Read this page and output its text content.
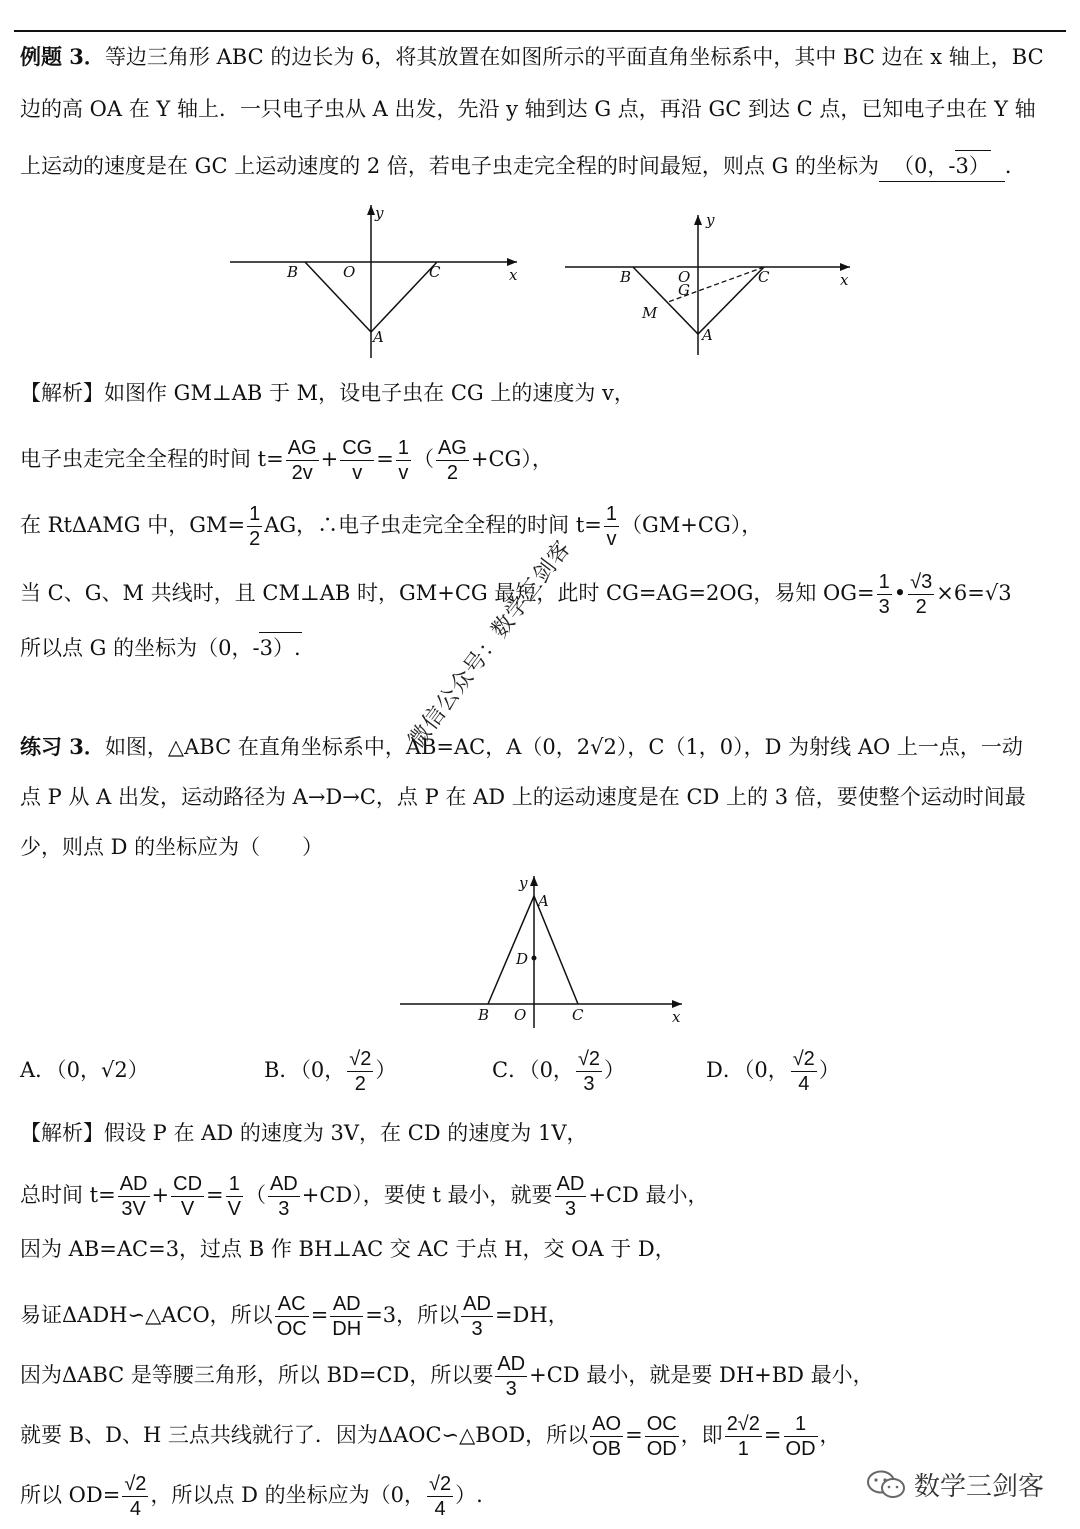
例题 3．等边三角形 ABC 的边长为 6，将其放置在如图所示的平面直角坐标系中，其中 BC 边在 x 轴上，BC
边的高 OA 在 Y 轴上．一只电子虫从 A 出发，先沿 y 轴到达 G 点，再沿 GC 到达 C 点，已知电子虫在 Y 轴
上运动的速度是在 GC 上运动速度的 2 倍，若电子虫走完全程的时间最短，则点 G 的坐标为 （0，-3） ．
y
x
B	O	C
A
y
x
B	O
G
C
M
A
【解析】如图作 GM⊥AB 于 M，设电子虫在 CG 上的速度为 v，
电子虫走完全全程的时间 $t= \frac{AG}{2v} + \frac{CG}{v} = \frac{1}{v}$ （ $\frac{AG}{2} +CG$），
在 RtΔAMG 中，$GM= \frac{1}{2}$ AG，∴电子虫走完全全程的时间 $t= \frac{1}{v} (GM+CG)$，
当 C、G、M 共线时，且 CM⊥AB 时，GM+CG 最短，此时 CG=AG=2OG，易知 $OG= \frac{1}{3}$ • $\frac{√3}{2} \times 6=√3$
所以点 G 的坐标为（0，-3）.	微信公众号：数学三剑客
练习 3．如图，△ABC 在直角坐标系中，AB=AC，A（0，2√2），C（1，0），D 为射线 AO 上一点，一动
点 P 从 A 出发，运动路径为 A→D→C，点 P 在 AD 上的运动速度是在 CD 上的 3 倍，要使整个运动时间最
少，则点 D 的坐标应为（　　）
y
A
D
B O	C	x
A．（0，√2）	B．（0， $\frac{√2}{2}$ ）	C．（0， $\frac{√2}{3}$ ）	D．（0， $\frac{√2}{4}$ ）
【解析】假设 P 在 AD 的速度为 3V，在 CD 的速度为 1V，
总时间 $t= \frac{AD}{3V} + \frac{CD}{V} = \frac{1}{V}$ （ $\frac{AD}{3} +CD$），要使 t 最小，就要 $\frac{AD}{3} +CD$ 最小，
因为 AB=AC=3，过点 B 作 BH⊥AC 交 AC 于点 H，交 OA 于 D，
易证ΔADH∽△ACO，所以 $\frac{AC}{OC} = \frac{AD}{DH} =3$，所以 $\frac{AD}{3} =DH$，
因为ΔABC 是等腰三角形，所以 BD=CD，所以要 $\frac{AD}{3} +CD$ 最小，就是要 DH+BD 最小，
就要 B、D、H 三点共线就行了．因为ΔAOC∽△BOD，所以 $\frac{AO}{OB} = \frac{OC}{OD}$ ，即 $\frac{2√2}{1} = \frac{1}{OD}$ ，
所以 $OD= \frac{√2}{4}$ ，所以点 D 的坐标应为（0， $\frac{√2}{4}$ ）.	数学三剑客
